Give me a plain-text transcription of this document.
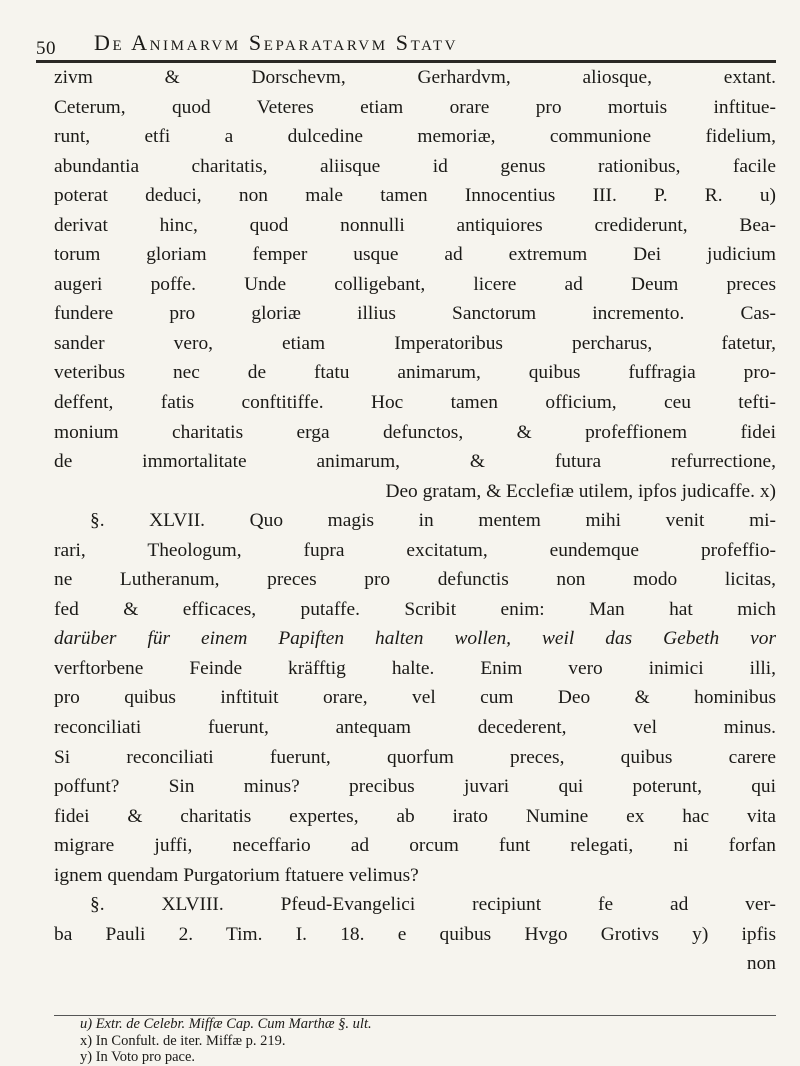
50 De Animarvm Separatarvm Statv
zivm & Dorschevm, Gerhardvm, aliosque, extant.
Ceterum, quod Veteres etiam orare pro mortuis inftitue-
runt, etfi a dulcedine memoriæ, communione fidelium,
abundantia charitatis, aliisque id genus rationibus, facile
poterat deduci, non male tamen Innocentius III. P. R. u)
derivat hinc, quod nonnulli antiquiores crediderunt, Bea-
torum gloriam femper usque ad extremum Dei judicium
augeri poffe. Unde colligebant, licere ad Deum preces
fundere pro gloriæ illius Sanctorum incremento. Cas-
sander vero, etiam Imperatoribus percharus, fatetur,
veteribus nec de ftatu animarum, quibus fuffragia pro-
deffent, fatis conftitiffe. Hoc tamen officium, ceu tefti-
monium charitatis erga defunctos, & profeffionem fidei
de immortalitate animarum, & futura refurrectione,
Deo gratam, & Ecclefiæ utilem, ipfos judicaffe. x)
§. XLVII. Quo magis in mentem mihi venit mi-
rari, Theologum, fupra excitatum, eundemque profeffio-
ne Lutheranum, preces pro defunctis non modo licitas,
fed & efficaces, putaffe. Scribit enim: Man hat mich
darüber für einem Papiften halten wollen, weil das Gebeth vor
verftorbene Feinde kräfftig halte. Enim vero inimici illi,
pro quibus inftituit orare, vel cum Deo & hominibus
reconciliati fuerunt, antequam decederent, vel minus.
Si reconciliati fuerunt, quorfum preces, quibus carere
poffunt? Sin minus? precibus juvari qui poterunt, qui
fidei & charitatis expertes, ab irato Numine ex hac vita
migrare juffi, neceffario ad orcum funt relegati, ni forfan
ignem quendam Purgatorium ftatuere velimus?
§. XLVIII. Pfeud-Evangelici recipiunt fe ad ver-
ba Pauli 2. Tim. I. 18. e quibus Hvgo Grotivs y) ipfis
non
u) Extr. de Celebr. Miffæ Cap. Cum Marthæ §. ult.
x) In Confult. de iter. Miffæ p. 219.
y) In Voto pro pace.
